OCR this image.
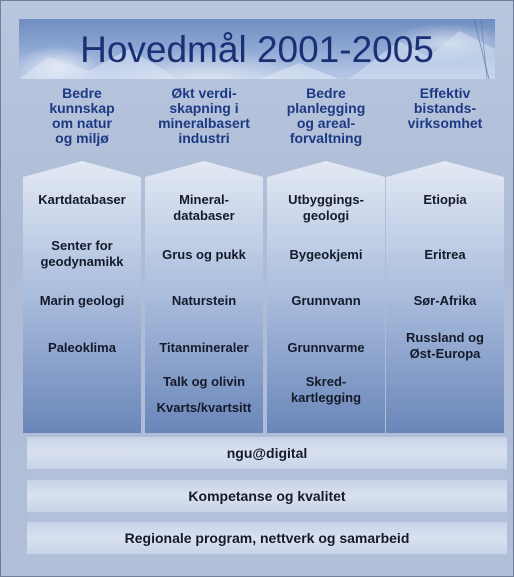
Hovedmål 2001-2005
Bedre
kunnskap
om natur
og miljø
Økt verdi-
skapning i
mineralbasert
industri
Bedre
planlegging
og areal-
forvaltning
Effektiv
bistands-
virksomhet
Kartdatabaser
Senter for
geodynamikk
Marin geologi
Paleoklima
Mineral-
databaser
Grus og pukk
Naturstein
Titanmineraler
Talk og olivin
Kvarts/kvartsitt
Utbyggings-
geologi
Bygeokjemi
Grunnvann
Grunnvarme
Skred-
kartlegging
Etiopia
Eritrea
Sør-Afrika
Russland og
Øst-Europa
ngu@digital
Kompetanse og kvalitet
Regionale program, nettverk og samarbeid
